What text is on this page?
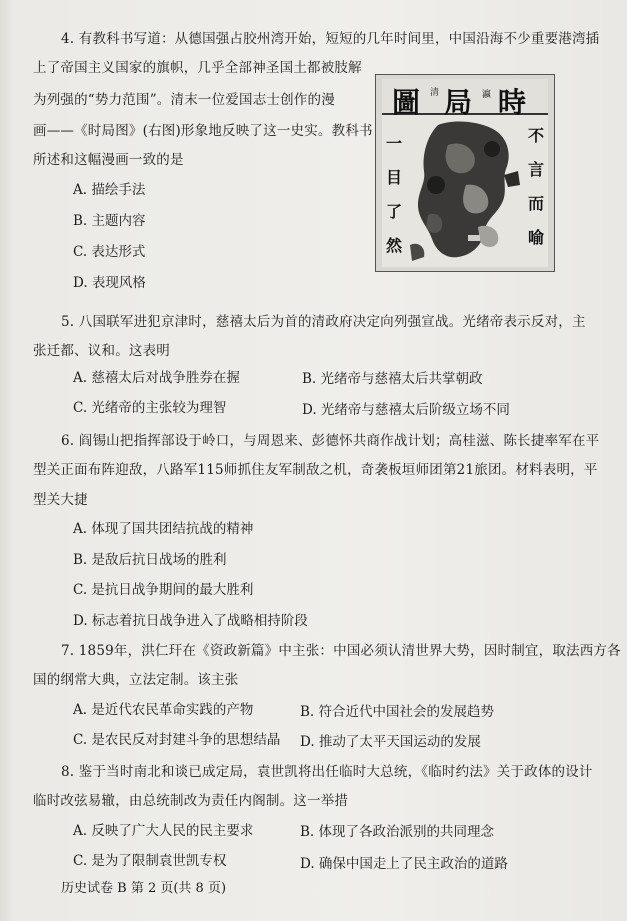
4. 有教科书写道：从德国强占胶州湾开始，短短的几年时间里，中国沿海不少重要港湾插
上了帝国主义国家的旗帜，几乎全部神圣国土都被肢解
为列强的“势力范围”。清末一位爱国志士创作的漫
画——《时局图》(右图)形象地反映了这一史实。教科书
所述和这幅漫画一致的是
A. 描绘手法
B. 主题内容
C. 表达形式
D. 表现风格
圖 局 時
清	瀛
一
目
了
然
不
言
而
喻
5. 八国联军进犯京津时，慈禧太后为首的清政府决定向列强宣战。光绪帝表示反对，主
张迁都、议和。这表明
A. 慈禧太后对战争胜券在握	B. 光绪帝与慈禧太后共掌朝政
C. 光绪帝的主张较为理智	D. 光绪帝与慈禧太后阶级立场不同
6. 阎锡山把指挥部设于岭口，与周恩来、彭德怀共商作战计划；高桂滋、陈长捷率军在平
型关正面布阵迎敌，八路军115师抓住友军制敌之机，奇袭板垣师团第21旅团。材料表明，平
型关大捷
A. 体现了国共团结抗战的精神
B. 是敌后抗日战场的胜利
C. 是抗日战争期间的最大胜利
D. 标志着抗日战争进入了战略相持阶段
7. 1859年，洪仁玕在《资政新篇》中主张：中国必须认清世界大势，因时制宜，取法西方各
国的纲常大典，立法定制。该主张
A. 是近代农民革命实践的产物	B. 符合近代中国社会的发展趋势
C. 是农民反对封建斗争的思想结晶 D. 推动了太平天国运动的发展
8. 鉴于当时南北和谈已成定局，袁世凯将出任临时大总统，《临时约法》关于政体的设计
临时改弦易辙，由总统制改为责任内阁制。这一举措
A. 反映了广大人民的民主要求	B. 体现了各政治派别的共同理念
C. 是为了限制袁世凯专权	D. 确保中国走上了民主政治的道路
历史试卷 B 第 2 页(共 8 页)
